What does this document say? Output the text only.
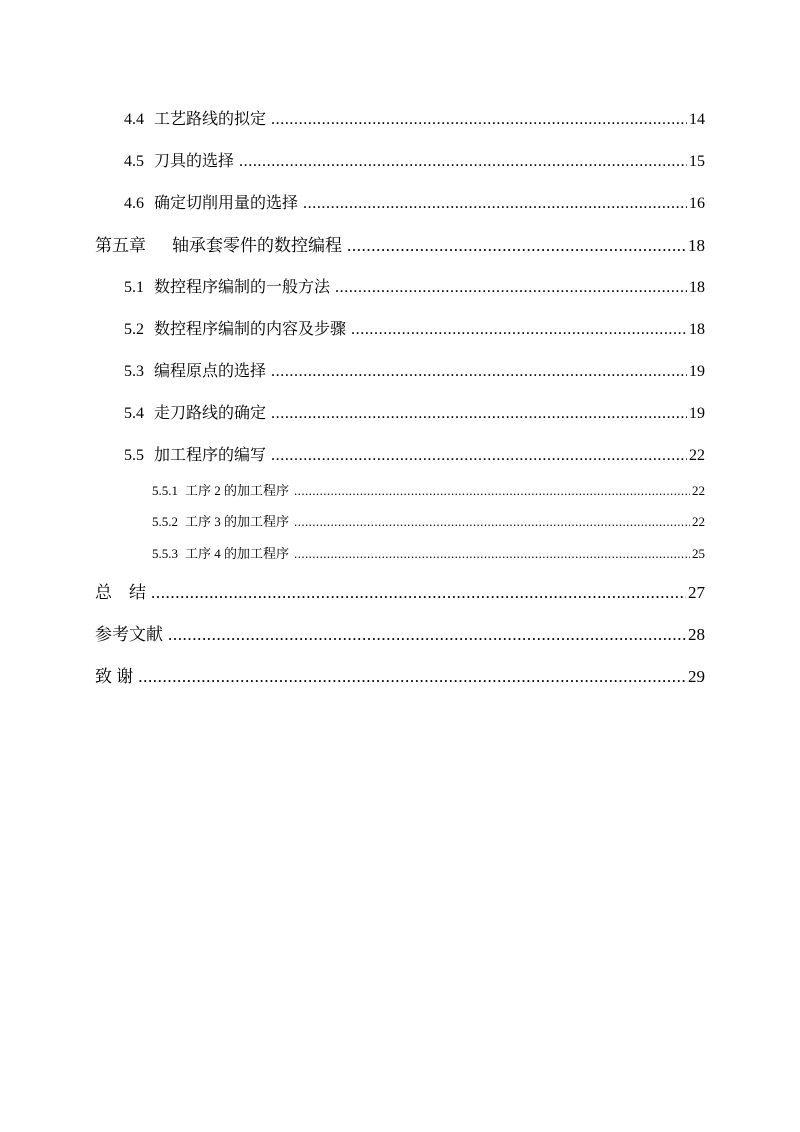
4.4 工艺路线的拟定 .....	14
4.5 刀具的选择 .....	15
4.6 确定切削用量的选择 .....	16
第五章 轴承套零件的数控编程 .....	18
5.1 数控程序编制的一般方法 .....	18
5.2 数控程序编制的内容及步骤 .....	18
5.3 编程原点的选择 .....	19
5.4 走刀路线的确定 .....	19
5.5 加工程序的编写 .....	22
5.5.1 工序 2 的加工程序 .....	22
5.5.2 工序 3 的加工程序 .....	22
5.5.3 工序 4 的加工程序 .....	25
总　结 .....	27
参考文献 .....	28
致 谢 .....	29
